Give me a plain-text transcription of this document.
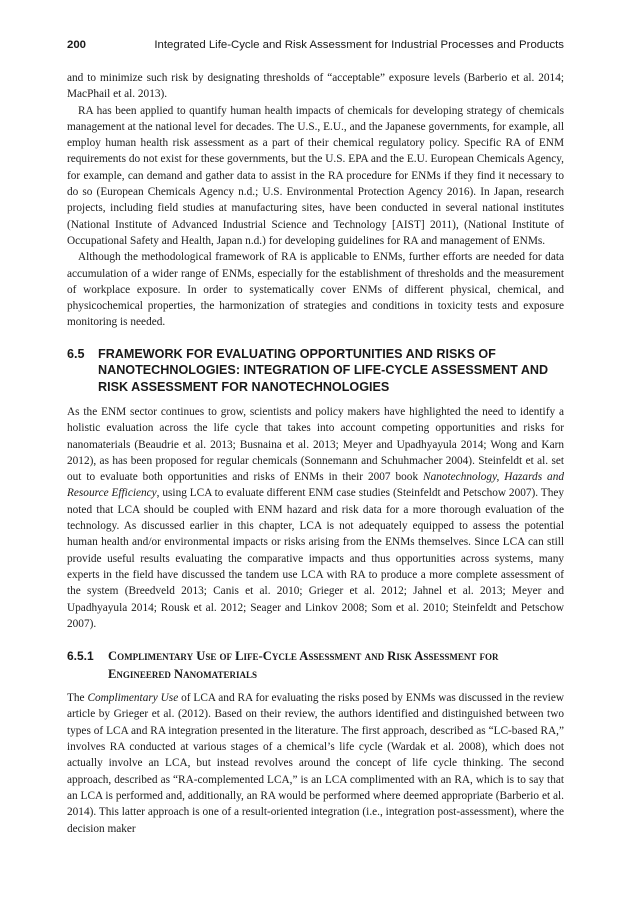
200	Integrated Life-Cycle and Risk Assessment for Industrial Processes and Products

and to minimize such risk by designating thresholds of “acceptable” exposure levels (Barberio et al. 2014; MacPhail et al. 2013).

RA has been applied to quantify human health impacts of chemicals for developing strategy of chemicals management at the national level for decades. The U.S., E.U., and the Japanese governments, for example, all employ human health risk assessment as a part of their chemical regulatory policy. Specific RA of ENM requirements do not exist for these governments, but the U.S. EPA and the E.U. European Chemicals Agency, for example, can demand and gather data to assist in the RA procedure for ENMs if they find it necessary to do so (European Chemicals Agency n.d.; U.S. Environmental Protection Agency 2016). In Japan, research projects, including field studies at manufacturing sites, have been conducted in several national institutes (National Institute of Advanced Industrial Science and Technology [AIST] 2011), (National Institute of Occupational Safety and Health, Japan n.d.) for developing guidelines for RA and management of ENMs.

Although the methodological framework of RA is applicable to ENMs, further efforts are needed for data accumulation of a wider range of ENMs, especially for the establishment of thresholds and the measurement of workplace exposure. In order to systematically cover ENMs of different physical, chemical, and physicochemical properties, the harmonization of strategies and conditions in toxicity tests and exposure monitoring is needed.

6.5	FRAMEWORK FOR EVALUATING OPPORTUNITIES AND RISKS OF NANOTECHNOLOGIES: INTEGRATION OF LIFE-CYCLE ASSESSMENT AND RISK ASSESSMENT FOR NANOTECHNOLOGIES

As the ENM sector continues to grow, scientists and policy makers have highlighted the need to identify a holistic evaluation across the life cycle that takes into account competing opportunities and risks for nanomaterials (Beaudrie et al. 2013; Busnaina et al. 2013; Meyer and Upadhyayula 2014; Wong and Karn 2012), as has been proposed for regular chemicals (Sonnemann and Schuhmacher 2004). Steinfeldt et al. set out to evaluate both opportunities and risks of ENMs in their 2007 book Nanotechnology, Hazards and Resource Efficiency, using LCA to evaluate different ENM case studies (Steinfeldt and Petschow 2007). They noted that LCA should be coupled with ENM hazard and risk data for a more thorough evaluation of the technology. As discussed earlier in this chapter, LCA is not adequately equipped to assess the potential human health and/or environmental impacts or risks arising from the ENMs themselves. Since LCA can still provide useful results evaluating the comparative impacts and thus opportunities across systems, many experts in the field have discussed the tandem use LCA with RA to produce a more complete assessment of the system (Breedveld 2013; Canis et al. 2010; Grieger et al. 2012; Jahnel et al. 2013; Meyer and Upadhyayula 2014; Rousk et al. 2012; Seager and Linkov 2008; Som et al. 2010; Steinfeldt and Petschow 2007).

6.5.1	Complimentary Use of Life-Cycle Assessment and Risk Assessment for Engineered Nanomaterials

The Complimentary Use of LCA and RA for evaluating the risks posed by ENMs was discussed in the review article by Grieger et al. (2012). Based on their review, the authors identified and distinguished between two types of LCA and RA integration presented in the literature. The first approach, described as “LC-based RA,” involves RA conducted at various stages of a chemical’s life cycle (Wardak et al. 2008), which does not actually involve an LCA, but instead revolves around the concept of life cycle thinking. The second approach, described as “RA-complemented LCA,” is an LCA complimented with an RA, which is to say that an LCA is performed and, additionally, an RA would be performed where deemed appropriate (Barberio et al. 2014). This latter approach is one of a result-oriented integration (i.e., integration post-assessment), where the decision maker
